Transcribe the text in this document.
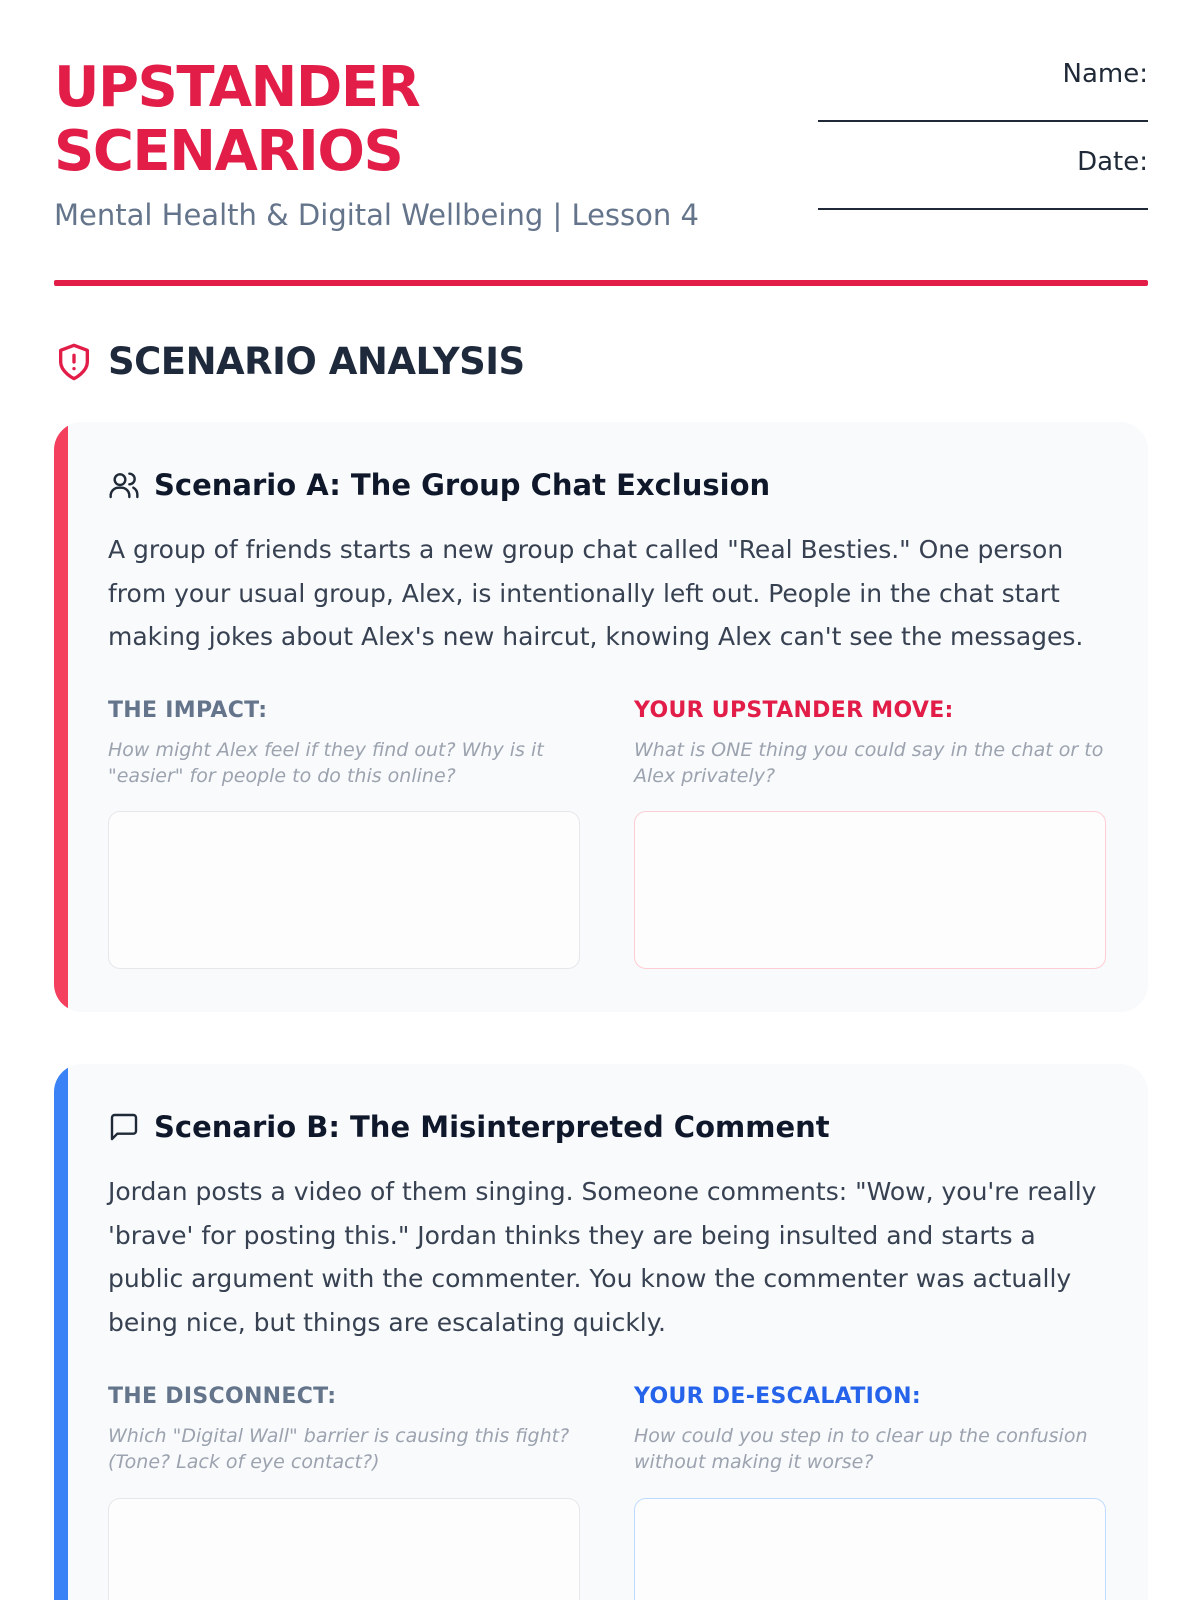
UPSTANDER
SCENARIOS
Mental Health & Digital Wellbeing | Lesson 4
Name:
Date:
SCENARIO ANALYSIS
Scenario A: The Group Chat Exclusion
A group of friends starts a new group chat called "Real Besties." One person from your usual group, Alex, is intentionally left out. People in the chat start making jokes about Alex's new haircut, knowing Alex can't see the messages.
THE IMPACT:
How might Alex feel if they find out? Why is it "easier" for people to do this online?
YOUR UPSTANDER MOVE:
What is ONE thing you could say in the chat or to Alex privately?
Scenario B: The Misinterpreted Comment
Jordan posts a video of them singing. Someone comments: "Wow, you're really 'brave' for posting this." Jordan thinks they are being insulted and starts a public argument with the commenter. You know the commenter was actually being nice, but things are escalating quickly.
THE DISCONNECT:
Which "Digital Wall" barrier is causing this fight? (Tone? Lack of eye contact?)
YOUR DE-ESCALATION:
How could you step in to clear up the confusion without making it worse?
